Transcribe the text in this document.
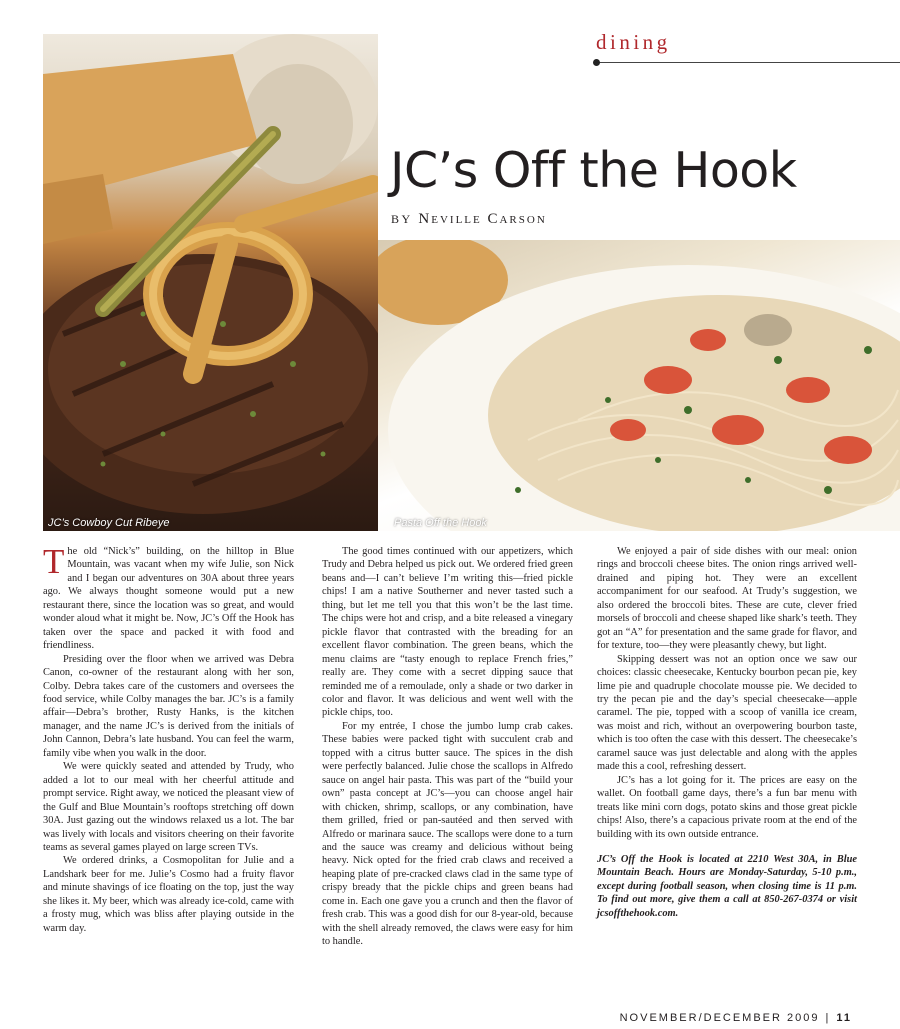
dining
JC’s Cowboy Cut Ribeye	Pasta Off the Hook
JC’s Off the Hook
BY Neville Carson

The old “Nick’s” building, on the hilltop in Blue Mountain, was vacant when my wife Julie, son Nick and I began our adventures on 30A about three years ago. We always thought someone would put a new restaurant there, since the location was so great, and would wonder aloud what it might be. Now, JC’s Off the Hook has taken over the space and packed it with food and friendliness.

Presiding over the floor when we arrived was Debra Canon, co-owner of the restaurant along with her son, Colby. Debra takes care of the customers and oversees the food service, while Colby manages the bar. JC’s is a family affair—Debra’s brother, Rusty Hanks, is the kitchen manager, and the name JC’s is derived from the initials of John Cannon, Debra’s late husband. You can feel the warm, family vibe when you walk in the door.

We were quickly seated and attended by Trudy, who added a lot to our meal with her cheerful attitude and prompt service. Right away, we noticed the pleasant view of the Gulf and Blue Mountain’s rooftops stretching off down 30A. Just gazing out the windows relaxed us a lot. The bar was lively with locals and visitors cheering on their favorite teams as several games played on large screen TVs.

We ordered drinks, a Cosmopolitan for Julie and a Landshark beer for me. Julie’s Cosmo had a fruity flavor and minute shavings of ice floating on the top, just the way she likes it. My beer, which was already ice-cold, came with a frosty mug, which was bliss after playing outside in the warm day.

The good times continued with our appetizers, which Trudy and Debra helped us pick out. We ordered fried green beans and—I can’t believe I’m writing this—fried pickle chips! I am a native Southerner and never tasted such a thing, but let me tell you that this won’t be the last time. The chips were hot and crisp, and a bite released a vinegary pickle flavor that contrasted with the breading for an excellent flavor combination. The green beans, which the menu claims are “tasty enough to replace French fries,” really are. They come with a secret dipping sauce that reminded me of a remoulade, only a shade or two darker in color and flavor. It was delicious and went well with the pickle chips, too.

For my entrée, I chose the jumbo lump crab cakes. These babies were packed tight with succulent crab and topped with a citrus butter sauce. The spices in the dish were perfectly balanced. Julie chose the scallops in Alfredo sauce on angel hair pasta. This was part of the “build your own” pasta concept at JC’s—you can choose angel hair with chicken, shrimp, scallops, or any combination, have them grilled, fried or pan-sautéed and then served with Alfredo or marinara sauce. The scallops were done to a turn and the sauce was creamy and delicious without being heavy. Nick opted for the fried crab claws and received a heaping plate of pre-cracked claws clad in the same type of crispy bready that the pickle chips and green beans had come in. Each one gave you a crunch and then the flavor of fresh crab. This was a good dish for our 8-year-old, because with the shell already removed, the claws were easy for him to handle.

We enjoyed a pair of side dishes with our meal: onion rings and broccoli cheese bites. The onion rings arrived well-drained and piping hot. They were an excellent accompaniment for our seafood. At Trudy’s suggestion, we also ordered the broccoli bites. These are cute, clever fried morsels of broccoli and cheese shaped like shark’s teeth. They got an “A” for presentation and the same grade for flavor, and for texture, too—they were pleasantly chewy, but light.

Skipping dessert was not an option once we saw our choices: classic cheesecake, Kentucky bourbon pecan pie, key lime pie and quadruple chocolate mousse pie. We decided to try the pecan pie and the day’s special cheesecake—apple caramel. The pie, topped with a scoop of vanilla ice cream, was moist and rich, without an overpowering bourbon taste, which is too often the case with this dessert. The cheesecake’s caramel sauce was just delectable and along with the apples made this a cool, refreshing dessert.

JC’s has a lot going for it. The prices are easy on the wallet. On football game days, there’s a fun bar menu with treats like mini corn dogs, potato skins and those great pickle chips! Also, there’s a capacious private room at the end of the building with its own outside entrance.

JC’s Off the Hook is located at 2210 West 30A, in Blue Mountain Beach. Hours are Monday-Saturday, 5-10 p.m., except during football season, when closing time is 11 p.m. To find out more, give them a call at 850-267-0374 or visit jcsoffthehook.com.

NOVEMBER/DECEMBER 2009 | 11
